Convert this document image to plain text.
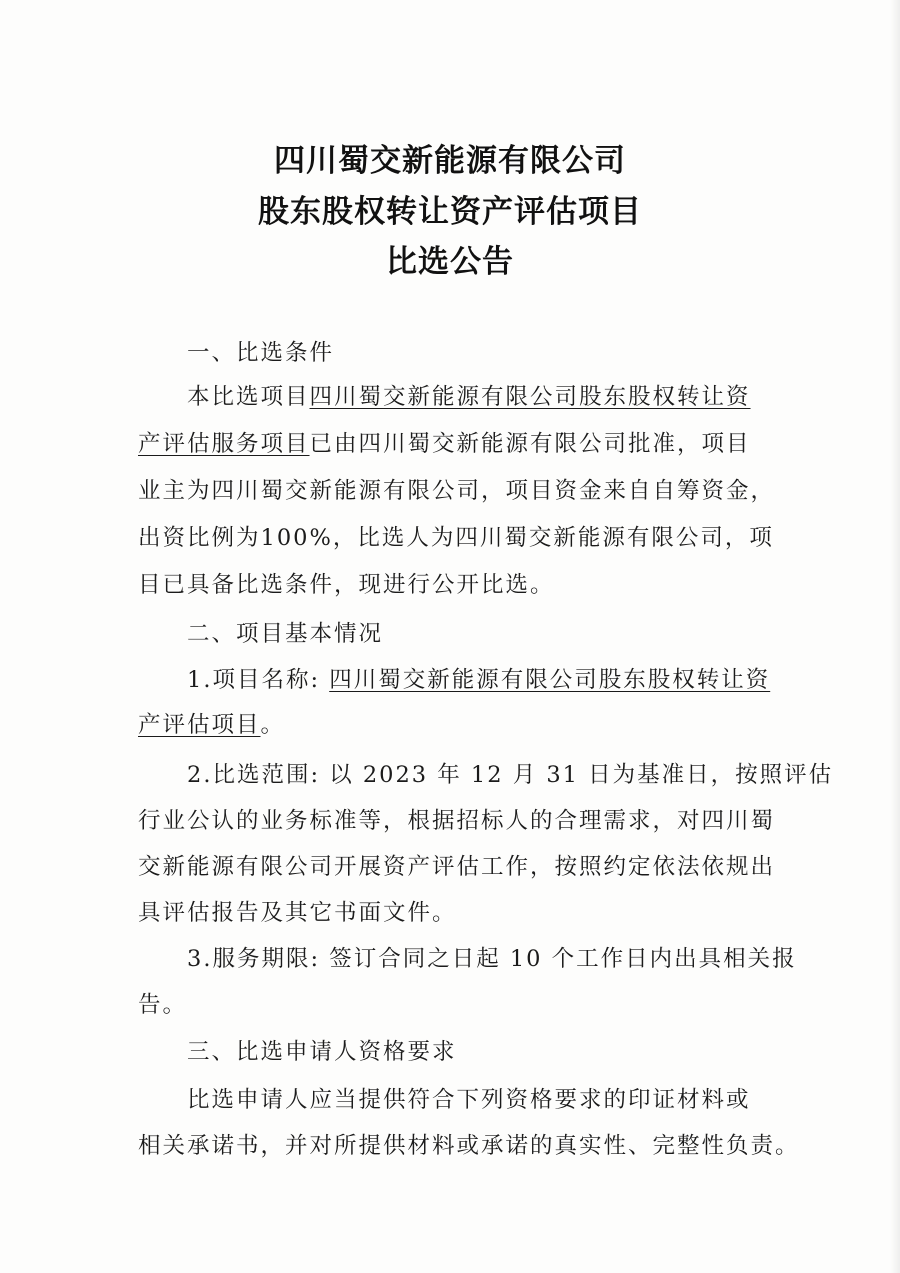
四川蜀交新能源有限公司
股东股权转让资产评估项目
比选公告
一、比选条件
本比选项目四川蜀交新能源有限公司股东股权转让资
产评估服务项目已由四川蜀交新能源有限公司批准，项目
业主为四川蜀交新能源有限公司，项目资金来自自筹资金，
出资比例为100%，比选人为四川蜀交新能源有限公司，项
目已具备比选条件，现进行公开比选。
二、项目基本情况
1.项目名称: 四川蜀交新能源有限公司股东股权转让资
产评估项目。
2.比选范围: 以 2023 年 12 月 31 日为基准日，按照评估
行业公认的业务标准等，根据招标人的合理需求，对四川蜀
交新能源有限公司开展资产评估工作，按照约定依法依规出
具评估报告及其它书面文件。
3.服务期限: 签订合同之日起 10 个工作日内出具相关报
告。
三、比选申请人资格要求
比选申请人应当提供符合下列资格要求的印证材料或
相关承诺书，并对所提供材料或承诺的真实性、完整性负责。
